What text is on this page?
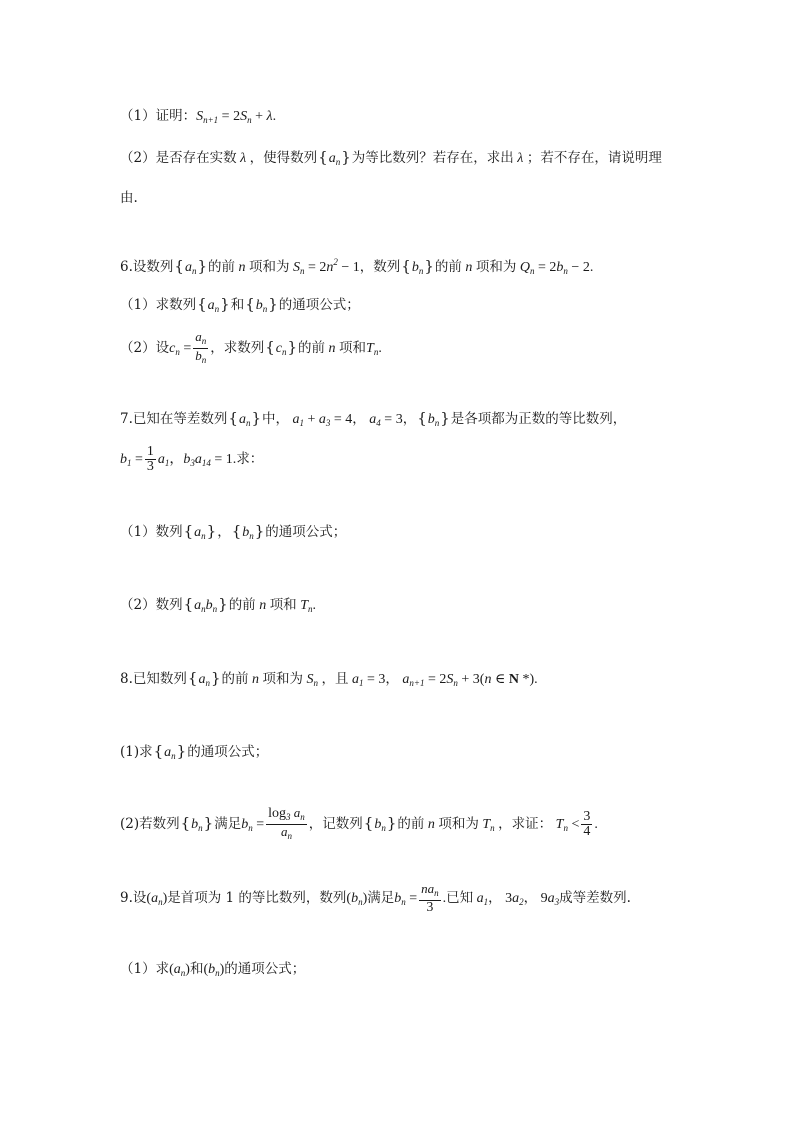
（1）证明：$S_{n+1} = 2S_n + \lambda$.
（2）是否存在实数 λ ，使得数列$\{a_n\}$为等比数列？若存在，求出 λ ；若不存在，请说明理
由.
6.设数列$\{a_n\}$的前 n 项和为 $S_n = 2n^2 - 1$，数列$\{b_n\}$的前 n 项和为 $Q_n = 2b_n - 2$.
（1）求数列$\{a_n\}$和$\{b_n\}$的通项公式；
（2）设$c_n = \frac{a_n}{b_n}$ ，求数列$\{c_n\}$的前 n 项和$T_n$.
7.已知在等差数列$\{a_n\}$中， $a_1 + a_3 = 4$， $a_4 = 3$，$\{b_n\}$是各项都为正数的等比数列，
$b_1 = \frac{1}{3} a_1$，$b_3a_{14} = 1$.求：
（1）数列$\{a_n\}$，$\{b_n\}$的通项公式；
（2）数列$\{a_nb_n\}$的前 n 项和 $T_n$.
8.已知数列$\{a_n\}$的前 n 项和为 $S_n$ ，且 $a_1 = 3$， $a_{n+1} = 2S_n + 3(n$ ∈ N *).
(1)求$\{a_n\}$的通项公式；
(2)若数列$\{b_n\}$满足$b_n = \frac{\log_3 a_n}{a_n}$ ，记数列$\{b_n\}$的前 n 项和为 $T_n$ ，求证： $T_n < \frac{3}{4}$ .
9.设$(a_n)$是首项为 1 的等比数列，数列$(b_n)$满足$b_n = \frac{na_n}{3}$ .已知 $a_1$， $3a_2$， $9a_3$成等差数列.
（1）求$(a_n)$和$(b_n)$的通项公式；
